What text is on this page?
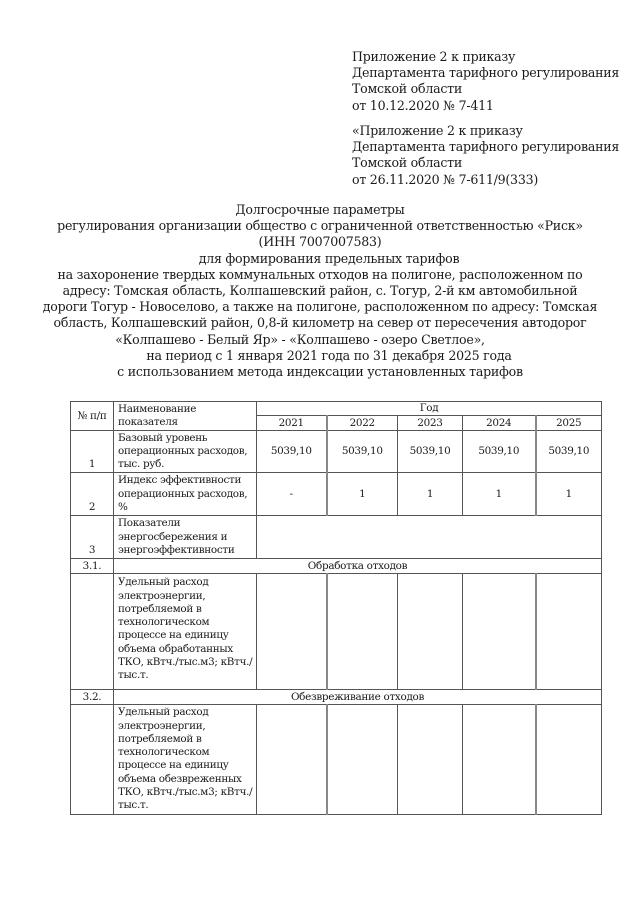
Приложение 2 к приказу
Департамента тарифного регулирования
Томской области
от 10.12.2020 № 7-411
«Приложение 2 к приказу
Департамента тарифного регулирования
Томской области
от 26.11.2020 № 7-611/9(333)
Долгосрочные параметры
регулирования организации общество с ограниченной ответственностью «Риск»
(ИНН 7007007583)
для формирования предельных тарифов
на захоронение твердых коммунальных отходов на полигоне, расположенном по
адресу: Томская область, Колпашевский район, с. Тогур, 2-й км автомобильной
дороги Тогур - Новоселово, а также на полигоне, расположенном по адресу: Томская
область, Колпашевский район, 0,8-й километр на север от пересечения автодорог
«Колпашево - Белый Яр» - «Колпашево - озеро Светлое»,
на период с 1 января 2021 года по 31 декабря 2025 года
с использованием метода индексации установленных тарифов
№ п/п	Наименование показателя	Год				
		2021	2022	2023	2024	2025
1	Базовый уровень операционных расходов, тыс. руб.	5039,10	5039,10	5039,10	5039,10	5039,10
2	Индекс эффективности операционных расходов, %	-	1	1	1	1
3	Показатели энергосбережения и энергоэффективности					
3.1.	Обработка отходов					
	Удельный расход электроэнергии, потребляемой в технологическом процессе на единицу объема обработанных ТКО, кВтч./тыс.м3; кВтч./тыс.т.					
3.2.	Обезвреживание отходов					
	Удельный расход электроэнергии, потребляемой в технологическом процессе на единицу объема обезвреженных ТКО, кВтч./тыс.м3; кВтч./тыс.т.					
